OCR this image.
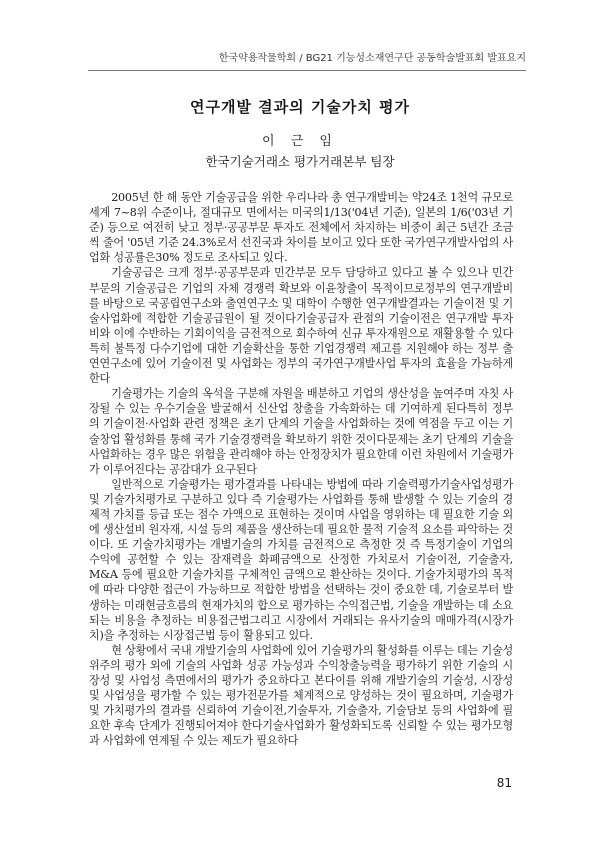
한국약용작물학회 / BG21 기능성소재연구단 공동학술발표회 발표요지
연구개발 결과의 기술가치 평가
이 근 임
한국기술거래소 평가거래본부 팀장

2005년 한 해 동안 기술공급을 위한 우리나라 총 연구개발비는 약24조 1천억 규모로 세계 7~8위 수준이나, 절대규모 면에서는 미국의1/13('04년 기준), 일본의 1/6('03년 기준) 등으로 여전히 낮고 정부·공공부문 투자도 전체에서 차지하는 비중이 최근 5년간 조금씩 줄어 '05년 기준 24.3%로서 선진국과 차이를 보이고 있다 또한 국가연구개발사업의 사업화 성공률은30% 정도로 조사되고 있다.

기술공급은 크게 정부·공공부문과 민간부문 모두 담당하고 있다고 볼 수 있으나 민간부문의 기술공급은 기업의 자체 경쟁력 확보와 이윤창출이 목적이므로정부의 연구개발비를 바탕으로 국공립연구소와 출연연구소 및 대학이 수행한 연구개발결과는 기술이전 및 기술사업화에 적합한 기술공급원이 될 것이다기술공급자 관점의 기술이전은 연구개발 투자비와 이에 수반하는 기회이익을 금전적으로 회수하여 신규 투자재원으로 재활용할 수 있다 특히 불특정 다수기업에 대한 기술확산을 통한 기업경쟁력 제고를 지원해야 하는 정부 출연연구소에 있어 기술이전 및 사업화는 정부의 국가연구개발사업 투자의 효율을 가늠하게 한다

기술평가는 기술의 옥석을 구분해 자원을 배분하고 기업의 생산성을 높여주며 자칫 사장될 수 있는 우수기술을 발굴해서 신산업 창출을 가속화하는 데 기여하게 된다특히 정부의 기술이전·사업화 관련 정책은 초기 단계의 기술을 사업화하는 것에 역점을 두고 이는 기술창업 활성화를 통해 국가 기술경쟁력을 확보하기 위한 것이다문제는 초기 단계의 기술을 사업화하는 경우 많은 위험을 관리해야 하는 안정장치가 필요한데 이런 차원에서 기술평가가 이루어진다는 공감대가 요구된다

일반적으로 기술평가는 평가결과를 나타내는 방법에 따라 기술력평가기술사업성평가 및 기술가치평가로 구분하고 있다 즉 기술평가는 사업화를 통해 발생할 수 있는 기술의 경제적 가치를 등급 또는 점수 가액으로 표현하는 것이며 사업을 영위하는 데 필요한 기술 외에 생산설비 원자재, 시설 등의 제품을 생산하는데 필요한 물적 기술적 요소를 파악하는 것이다. 또 기술가치평가는 개별기술의 가치를 금전적으로 측정한 것 즉 특정기술이 기업의 수익에 공헌할 수 있는 잠재력을 화폐금액으로 산정한 가치로서 기술이전, 기술출자, M&A 등에 필요한 기술가치를 구체적인 금액으로 환산하는 것이다. 기술가치평가의 목적에 따라 다양한 접근이 가능하므로 적합한 방법을 선택하는 것이 중요한 데, 기술로부터 발생하는 미래현금흐름의 현재가치의 합으로 평가하는 수익접근법, 기술을 개발하는 데 소요되는 비용을 추정하는 비용접근법그리고 시장에서 거래되는 유사기술의 매매가격(시장가치)을 추정하는 시장접근법 등이 활용되고 있다.

현 상황에서 국내 개발기술의 사업화에 있어 기술평가의 활성화를 이루는 데는 기술성 위주의 평가 외에 기술의 사업화 성공 가능성과 수익창출능력을 평가하기 위한 기술의 시장성 및 사업성 측면에서의 평가가 중요하다고 본다이를 위해 개발기술의 기술성, 시장성 및 사업성을 평가할 수 있는 평가전문가를 체계적으로 양성하는 것이 필요하며, 기술평가 및 가치평가의 결과를 신뢰하여 기술이전,기술투자, 기술출자, 기술담보 등의 사업화에 필요한 후속 단계가 진행되어져야 한다기술사업화가 활성화되도록 신뢰할 수 있는 평가모형과 사업화에 연계될 수 있는 제도가 필요하다

81
